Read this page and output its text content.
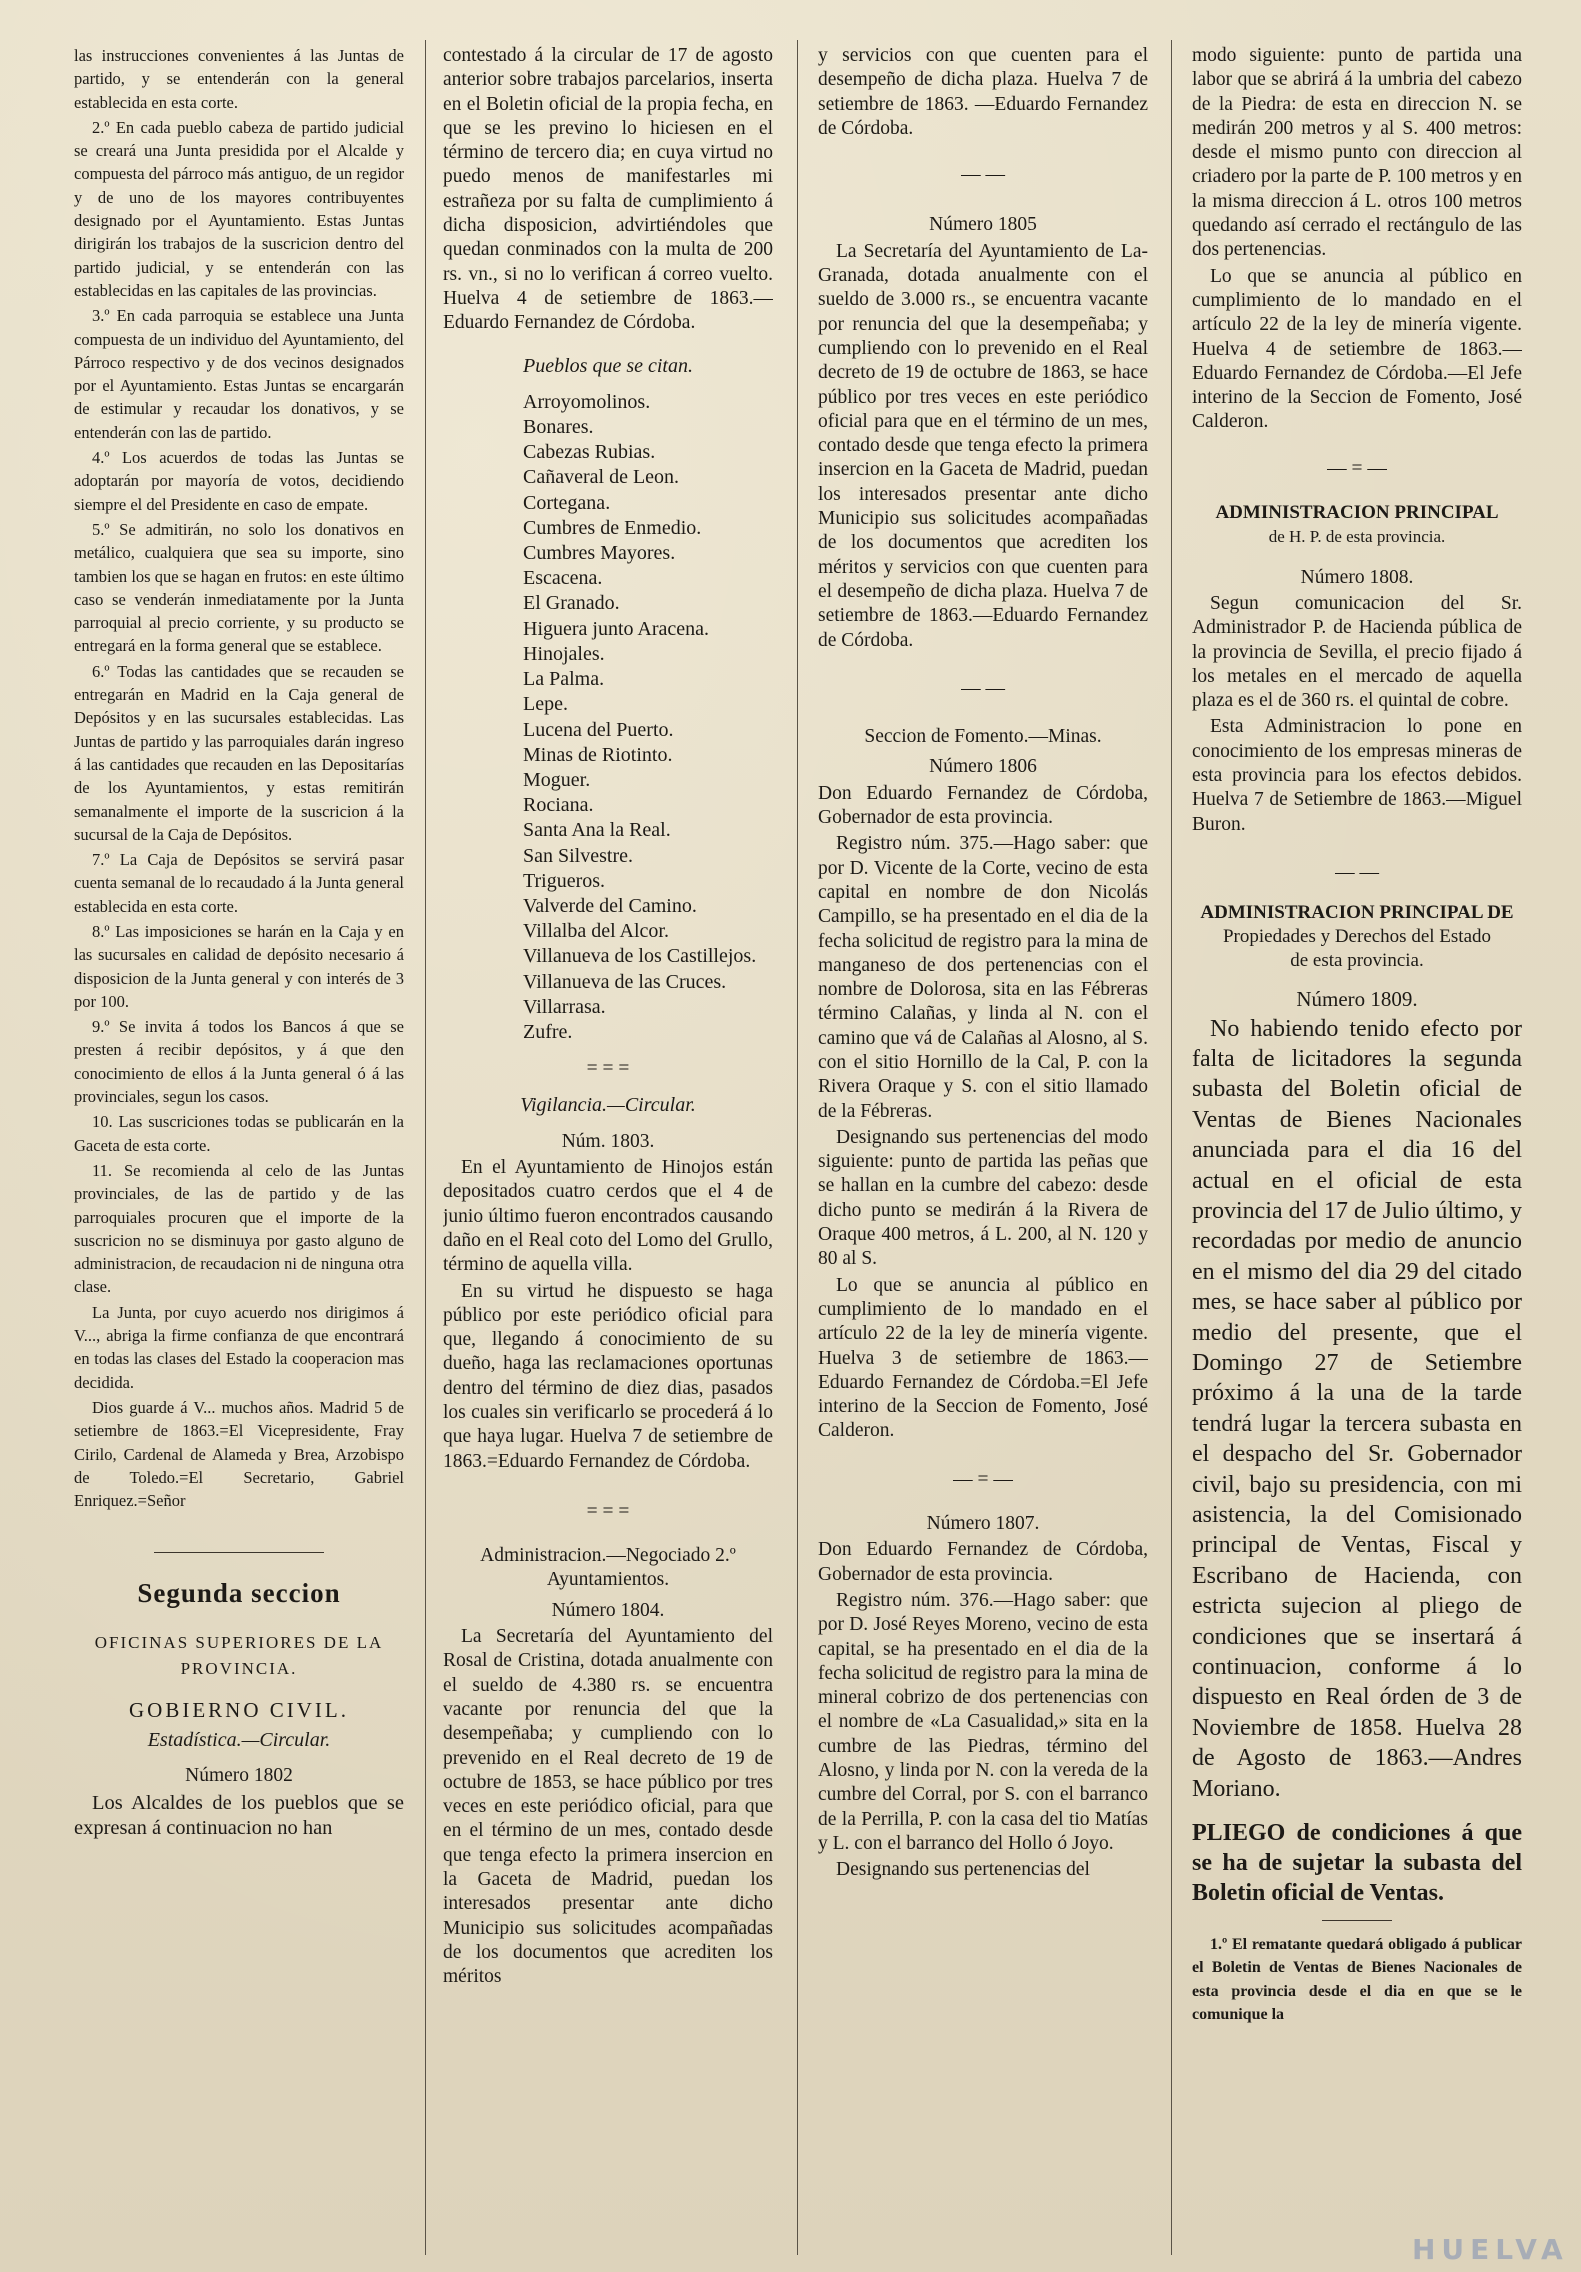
las instrucciones convenientes á las Juntas de partido, y se entenderán con la general establecida en esta corte.

2.º En cada pueblo cabeza de partido judicial se creará una Junta presidida por el Alcalde y compuesta del párroco más antiguo, de un regidor y de uno de los mayores contribuyentes designado por el Ayuntamiento. Estas Juntas dirigirán los trabajos de la suscricion dentro del partido judicial, y se entenderán con las establecidas en las capitales de las provincias.

3.º En cada parroquia se establece una Junta compuesta de un individuo del Ayuntamiento, del Párroco respectivo y de dos vecinos designados por el Ayuntamiento. Estas Juntas se encargarán de estimular y recaudar los donativos, y se entenderán con las de partido.

4.º Los acuerdos de todas las Juntas se adoptarán por mayoría de votos, decidiendo siempre el del Presidente en caso de empate.

5.º Se admitirán, no solo los donativos en metálico, cualquiera que sea su importe, sino tambien los que se hagan en frutos: en este último caso se venderán inmediatamente por la Junta parroquial al precio corriente, y su producto se entregará en la forma general que se establece.

6.º Todas las cantidades que se recauden se entregarán en Madrid en la Caja general de Depósitos y en las sucursales establecidas. Las Juntas de partido y las parroquiales darán ingreso á las cantidades que recauden en las Depositarías de los Ayuntamientos, y estas remitirán semanalmente el importe de la suscricion á la sucursal de la Caja de Depósitos.

7.º La Caja de Depósitos se servirá pasar cuenta semanal de lo recaudado á la Junta general establecida en esta corte.

8.º Las imposiciones se harán en la Caja y en las sucursales en calidad de depósito necesario á disposicion de la Junta general y con interés de 3 por 100.

9.º Se invita á todos los Bancos á que se presten á recibir depósitos, y á que den conocimiento de ellos á la Junta general ó á las provinciales, segun los casos.

10. Las suscriciones todas se publicarán en la Gaceta de esta corte.

11. Se recomienda al celo de las Juntas provinciales, de las de partido y de las parroquiales procuren que el importe de la suscricion no se disminuya por gasto alguno de administracion, de recaudacion ni de ninguna otra clase.

La Junta, por cuyo acuerdo nos dirigimos á V..., abriga la firme confianza de que encontrará en todas las clases del Estado la cooperacion mas decidida.

Dios guarde á V... muchos años. Madrid 5 de setiembre de 1863.=El Vicepresidente, Fray Cirilo, Cardenal de Alameda y Brea, Arzobispo de Toledo.=El Secretario, Gabriel Enriquez.=Señor

Segunda seccion
OFICINAS SUPERIORES DE LA PROVINCIA.
GOBIERNO CIVIL.
Estadística.—Circular.
Número 1802

Los Alcaldes de los pueblos que se expresan á continuacion no han

contestado á la circular de 17 de agosto anterior sobre trabajos parcelarios, inserta en el Boletin oficial de la propia fecha, en que se les previno lo hiciesen en el término de tercero dia; en cuya virtud no puedo menos de manifestarles mi estrañeza por su falta de cumplimiento á dicha disposicion, advirtiéndoles que quedan conminados con la multa de 200 rs. vn., si no lo verifican á correo vuelto. Huelva 4 de setiembre de 1863.—Eduardo Fernandez de Córdoba.

Pueblos que se citan.
Arroyomolinos.
Bonares.
Cabezas Rubias.
Cañaveral de Leon.
Cortegana.
Cumbres de Enmedio.
Cumbres Mayores.
Escacena.
El Granado.
Higuera junto Aracena.
Hinojales.
La Palma.
Lepe.
Lucena del Puerto.
Minas de Riotinto.
Moguer.
Rociana.
Santa Ana la Real.
San Silvestre.
Trigueros.
Valverde del Camino.
Villalba del Alcor.
Villanueva de los Castillejos.
Villanueva de las Cruces.
Villarrasa.
Zufre.
= = =
Vigilancia.—Circular.
Núm. 1803.

En el Ayuntamiento de Hinojos están depositados cuatro cerdos que el 4 de junio último fueron encontrados causando daño en el Real coto del Lomo del Grullo, término de aquella villa.

En su virtud he dispuesto se haga público por este periódico oficial para que, llegando á conocimiento de su dueño, haga las reclamaciones oportunas dentro del término de diez dias, pasados los cuales sin verificarlo se procederá á lo que haya lugar. Huelva 7 de setiembre de 1863.=Eduardo Fernandez de Córdoba.

= = =
Administracion.—Negociado 2.º Ayuntamientos.
Número 1804.

La Secretaría del Ayuntamiento del Rosal de Cristina, dotada anualmente con el sueldo de 4.380 rs. se encuentra vacante por renuncia del que la desempeñaba; y cumpliendo con lo prevenido en el Real decreto de 19 de octubre de 1853, se hace público por tres veces en este periódico oficial, para que en el término de un mes, contado desde que tenga efecto la primera insercion en la Gaceta de Madrid, puedan los interesados presentar ante dicho Municipio sus solicitudes acompañadas de los documentos que acrediten los méritos

y servicios con que cuenten para el desempeño de dicha plaza. Huelva 7 de setiembre de 1863. —Eduardo Fernandez de Córdoba.

— —
Número 1805

La Secretaría del Ayuntamiento de La-Granada, dotada anualmente con el sueldo de 3.000 rs., se encuentra vacante por renuncia del que la desempeñaba; y cumpliendo con lo prevenido en el Real decreto de 19 de octubre de 1863, se hace público por tres veces en este periódico oficial para que en el término de un mes, contado desde que tenga efecto la primera insercion en la Gaceta de Madrid, puedan los interesados presentar ante dicho Municipio sus solicitudes acompañadas de los documentos que acrediten los méritos y servicios con que cuenten para el desempeño de dicha plaza. Huelva 7 de setiembre de 1863.—Eduardo Fernandez de Córdoba.

— —
Seccion de Fomento.—Minas.
Número 1806

Don Eduardo Fernandez de Córdoba, Gobernador de esta provincia.

Registro núm. 375.—Hago saber: que por D. Vicente de la Corte, vecino de esta capital en nombre de don Nicolás Campillo, se ha presentado en el dia de la fecha solicitud de registro para la mina de manganeso de dos pertenencias con el nombre de Dolorosa, sita en las Fébreras término Calañas, y linda al N. con el camino que vá de Calañas al Alosno, al S. con el sitio Hornillo de la Cal, P. con la Rivera Oraque y S. con el sitio llamado de la Fébreras.

Designando sus pertenencias del modo siguiente: punto de partida las peñas que se hallan en la cumbre del cabezo: desde dicho punto se medirán á la Rivera de Oraque 400 metros, á L. 200, al N. 120 y 80 al S.

Lo que se anuncia al público en cumplimiento de lo mandado en el artículo 22 de la ley de minería vigente. Huelva 3 de setiembre de 1863.—Eduardo Fernandez de Córdoba.=El Jefe interino de la Seccion de Fomento, José Calderon.

— = —
Número 1807.

Don Eduardo Fernandez de Córdoba, Gobernador de esta provincia.

Registro núm. 376.—Hago saber: que por D. José Reyes Moreno, vecino de esta capital, se ha presentado en el dia de la fecha solicitud de registro para la mina de mineral cobrizo de dos pertenencias con el nombre de «La Casualidad,» sita en la cumbre de las Piedras, término del Alosno, y linda por N. con la vereda de la cumbre del Corral, por S. con el barranco de la Perrilla, P. con la casa del tio Matías y L. con el barranco del Hollo ó Joyo.

Designando sus pertenencias del

modo siguiente: punto de partida una labor que se abrirá á la umbria del cabezo de la Piedra: de esta en direccion N. se medirán 200 metros y al S. 400 metros: desde el mismo punto con direccion al criadero por la parte de P. 100 metros y en la misma direccion á L. otros 100 metros quedando así cerrado el rectángulo de las dos pertenencias.

Lo que se anuncia al público en cumplimiento de lo mandado en el artículo 22 de la ley de minería vigente. Huelva 4 de setiembre de 1863.—Eduardo Fernandez de Córdoba.—El Jefe interino de la Seccion de Fomento, José Calderon.

— = —
ADMINISTRACION PRINCIPAL
de H. P. de esta provincia.
Número 1808.

Segun comunicacion del Sr. Administrador P. de Hacienda pública de la provincia de Sevilla, el precio fijado á los metales en el mercado de aquella plaza es el de 360 rs. el quintal de cobre.

Esta Administracion lo pone en conocimiento de los empresas mineras de esta provincia para los efectos debidos. Huelva 7 de Setiembre de 1863.—Miguel Buron.

— —
ADMINISTRACION PRINCIPAL DE
Propiedades y Derechos del Estado
de esta provincia.
Número 1809.

No habiendo tenido efecto por falta de licitadores la segunda subasta del Boletin oficial de Ventas de Bienes Nacionales anunciada para el dia 16 del actual en el oficial de esta provincia del 17 de Julio último, y recordadas por medio de anuncio en el mismo del dia 29 del citado mes, se hace saber al público por medio del presente, que el Domingo 27 de Setiembre próximo á la una de la tarde tendrá lugar la tercera subasta en el despacho del Sr. Gobernador civil, bajo su presidencia, con mi asistencia, la del Comisionado principal de Ventas, Fiscal y Escribano de Hacienda, con estricta sujecion al pliego de condiciones que se insertará á continuacion, conforme á lo dispuesto en Real órden de 3 de Noviembre de 1858. Huelva 28 de Agosto de 1863.—Andres Moriano.

PLIEGO de condiciones á que se ha de sujetar la subasta del Boletin oficial de Ventas.

1.º El rematante quedará obligado á publicar el Boletin de Ventas de Bienes Nacionales de esta provincia desde el dia en que se le comunique la

HUELVA
